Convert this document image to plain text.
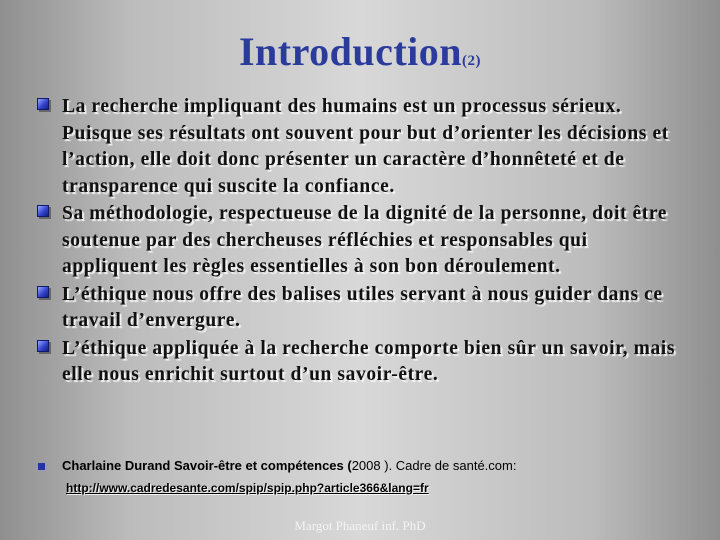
Introduction(2)
La recherche impliquant des humains est un processus sérieux. Puisque ses résultats ont souvent pour but d’orienter les décisions et l’action, elle doit donc présenter un caractère d’honnêteté et de transparence qui suscite la confiance.
Sa méthodologie, respectueuse de la dignité de la personne, doit être soutenue par des chercheuses réfléchies et responsables qui appliquent les règles essentielles à son bon déroulement.
L’éthique nous offre des balises utiles servant à nous guider dans ce travail d’envergure.
L’éthique appliquée à la recherche comporte bien sûr un savoir, mais elle nous enrichit surtout d’un savoir-être.
Charlaine Durand Savoir-être et compétences (2008 ). Cadre de santé.com:
http://www.cadredesante.com/spip/spip.php?article366&lang=fr
Margot Phaneuf inf. PhD
